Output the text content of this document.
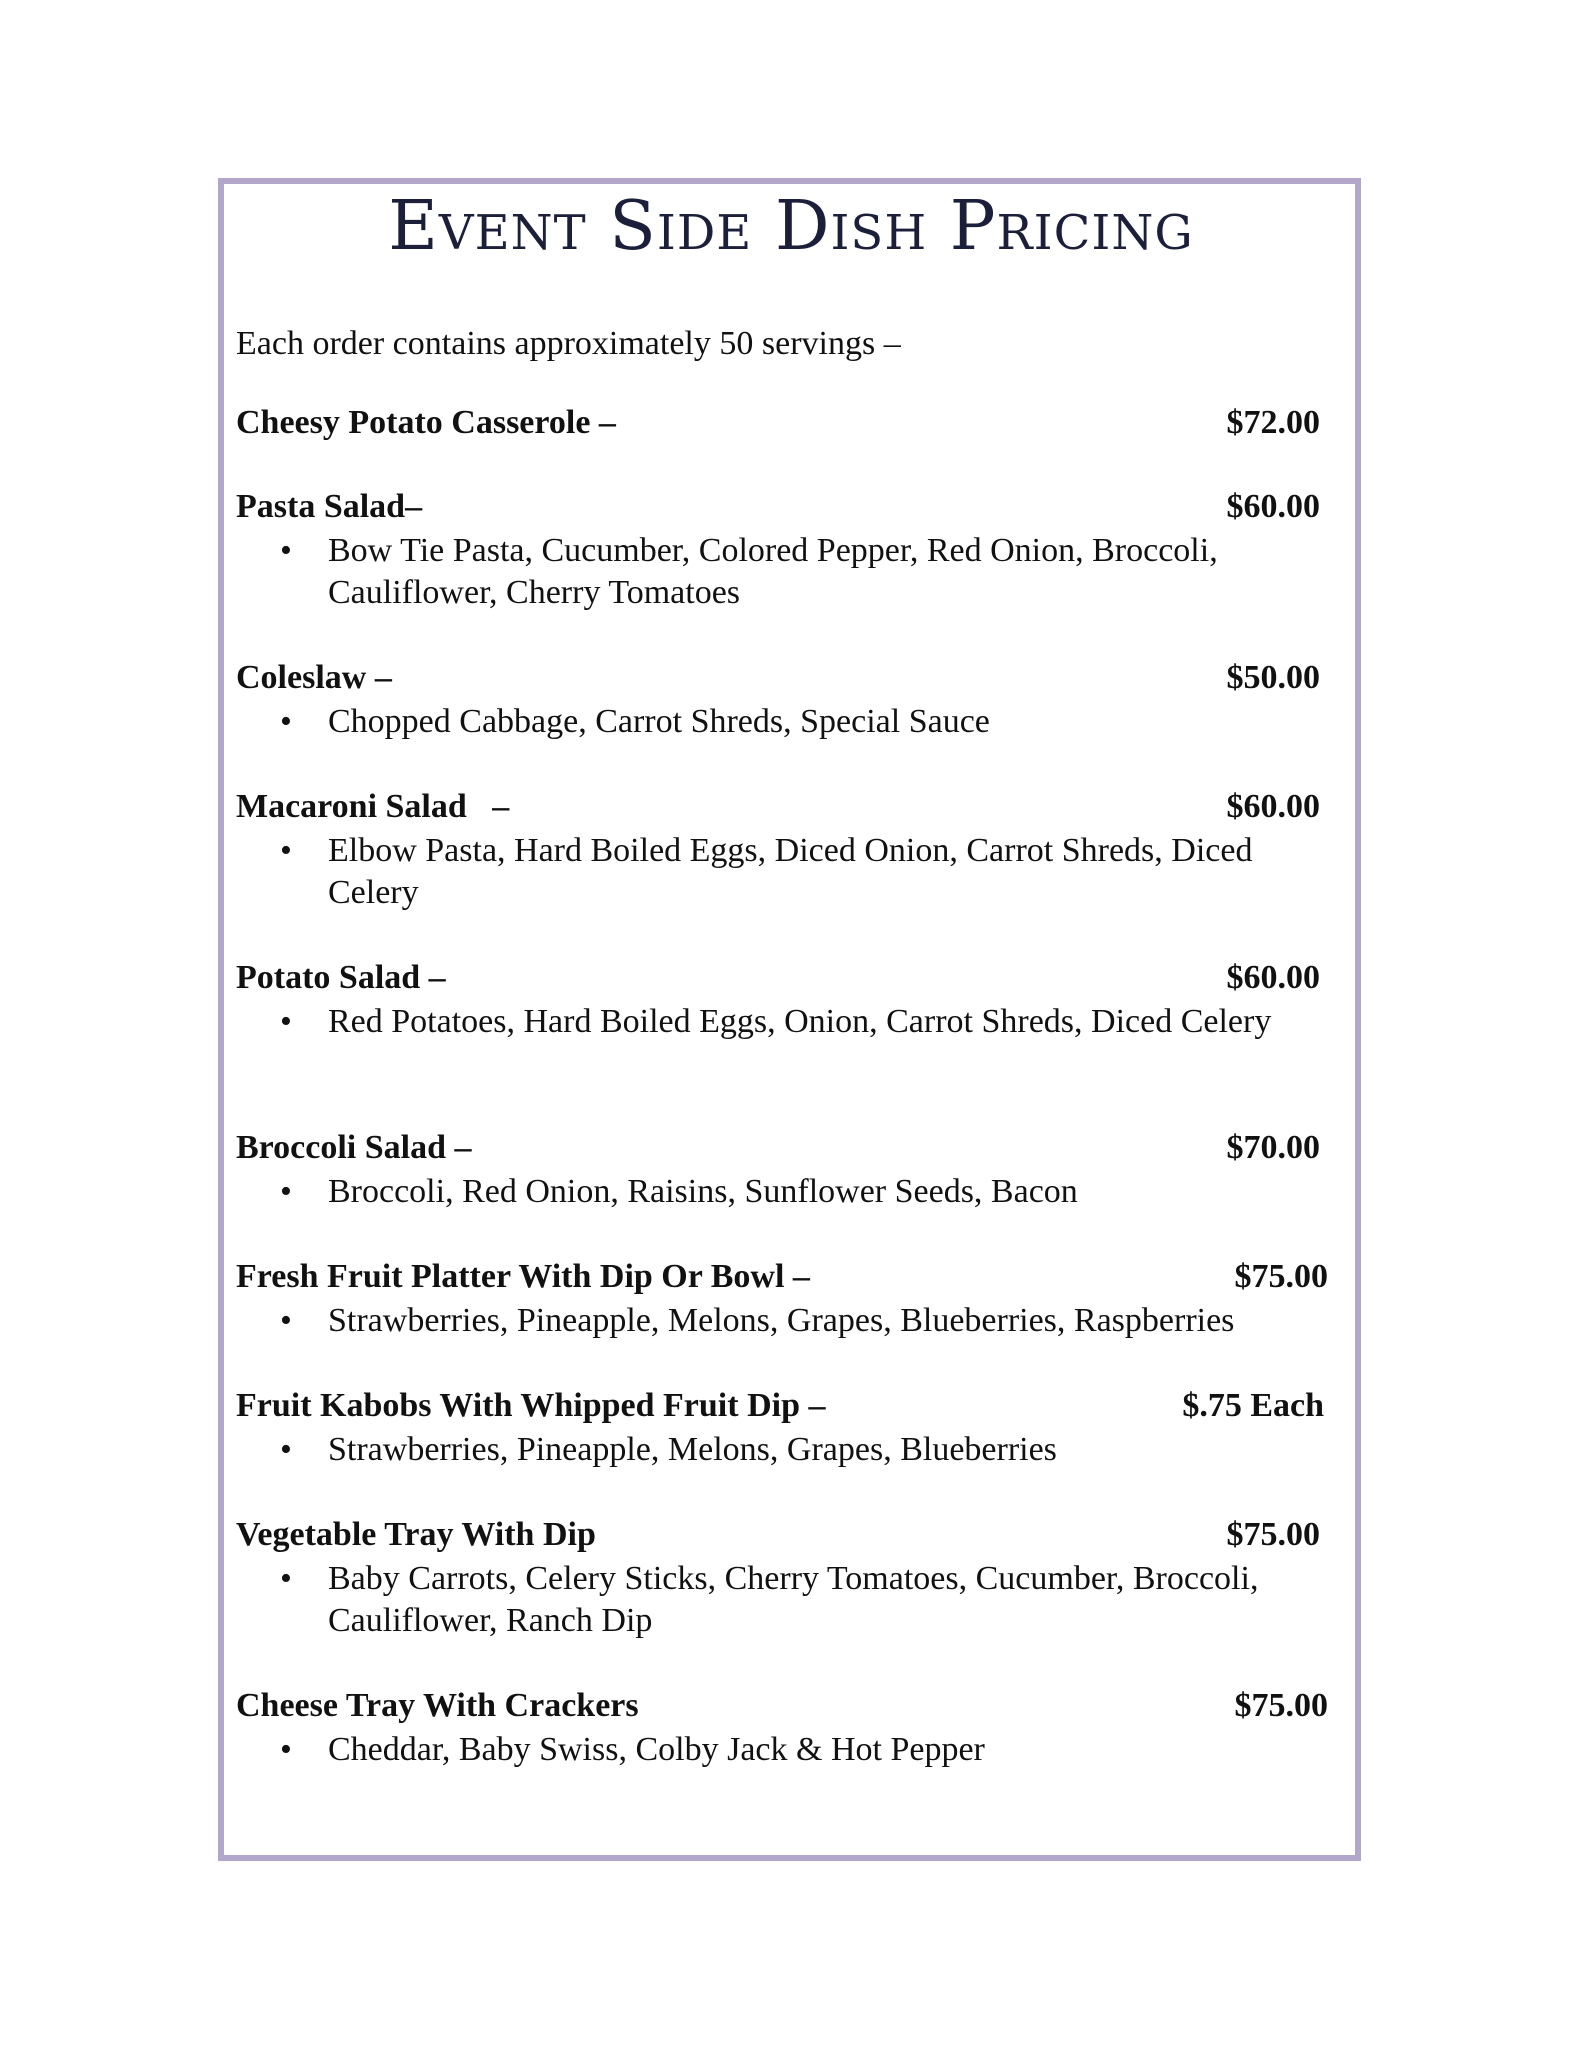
Event Side Dish Pricing
Each order contains approximately 50 servings –
Cheesy Potato Casserole –	$72.00
Pasta Salad–	$60.00
• Bow Tie Pasta, Cucumber, Colored Pepper, Red Onion, Broccoli, Cauliflower, Cherry Tomatoes
Coleslaw –	$50.00
• Chopped Cabbage, Carrot Shreds, Special Sauce
Macaroni Salad   –	$60.00
• Elbow Pasta, Hard Boiled Eggs, Diced Onion, Carrot Shreds, Diced Celery
Potato Salad –	$60.00
• Red Potatoes, Hard Boiled Eggs, Onion, Carrot Shreds, Diced Celery
Broccoli Salad –	$70.00
• Broccoli, Red Onion, Raisins, Sunflower Seeds, Bacon
Fresh Fruit Platter With Dip Or Bowl –	$75.00
• Strawberries, Pineapple, Melons, Grapes, Blueberries, Raspberries
Fruit Kabobs With Whipped Fruit Dip –	$.75 Each
• Strawberries, Pineapple, Melons, Grapes, Blueberries
Vegetable Tray With Dip	$75.00
• Baby Carrots, Celery Sticks, Cherry Tomatoes, Cucumber, Broccoli, Cauliflower, Ranch Dip
Cheese Tray With Crackers	$75.00
• Cheddar, Baby Swiss, Colby Jack & Hot Pepper
